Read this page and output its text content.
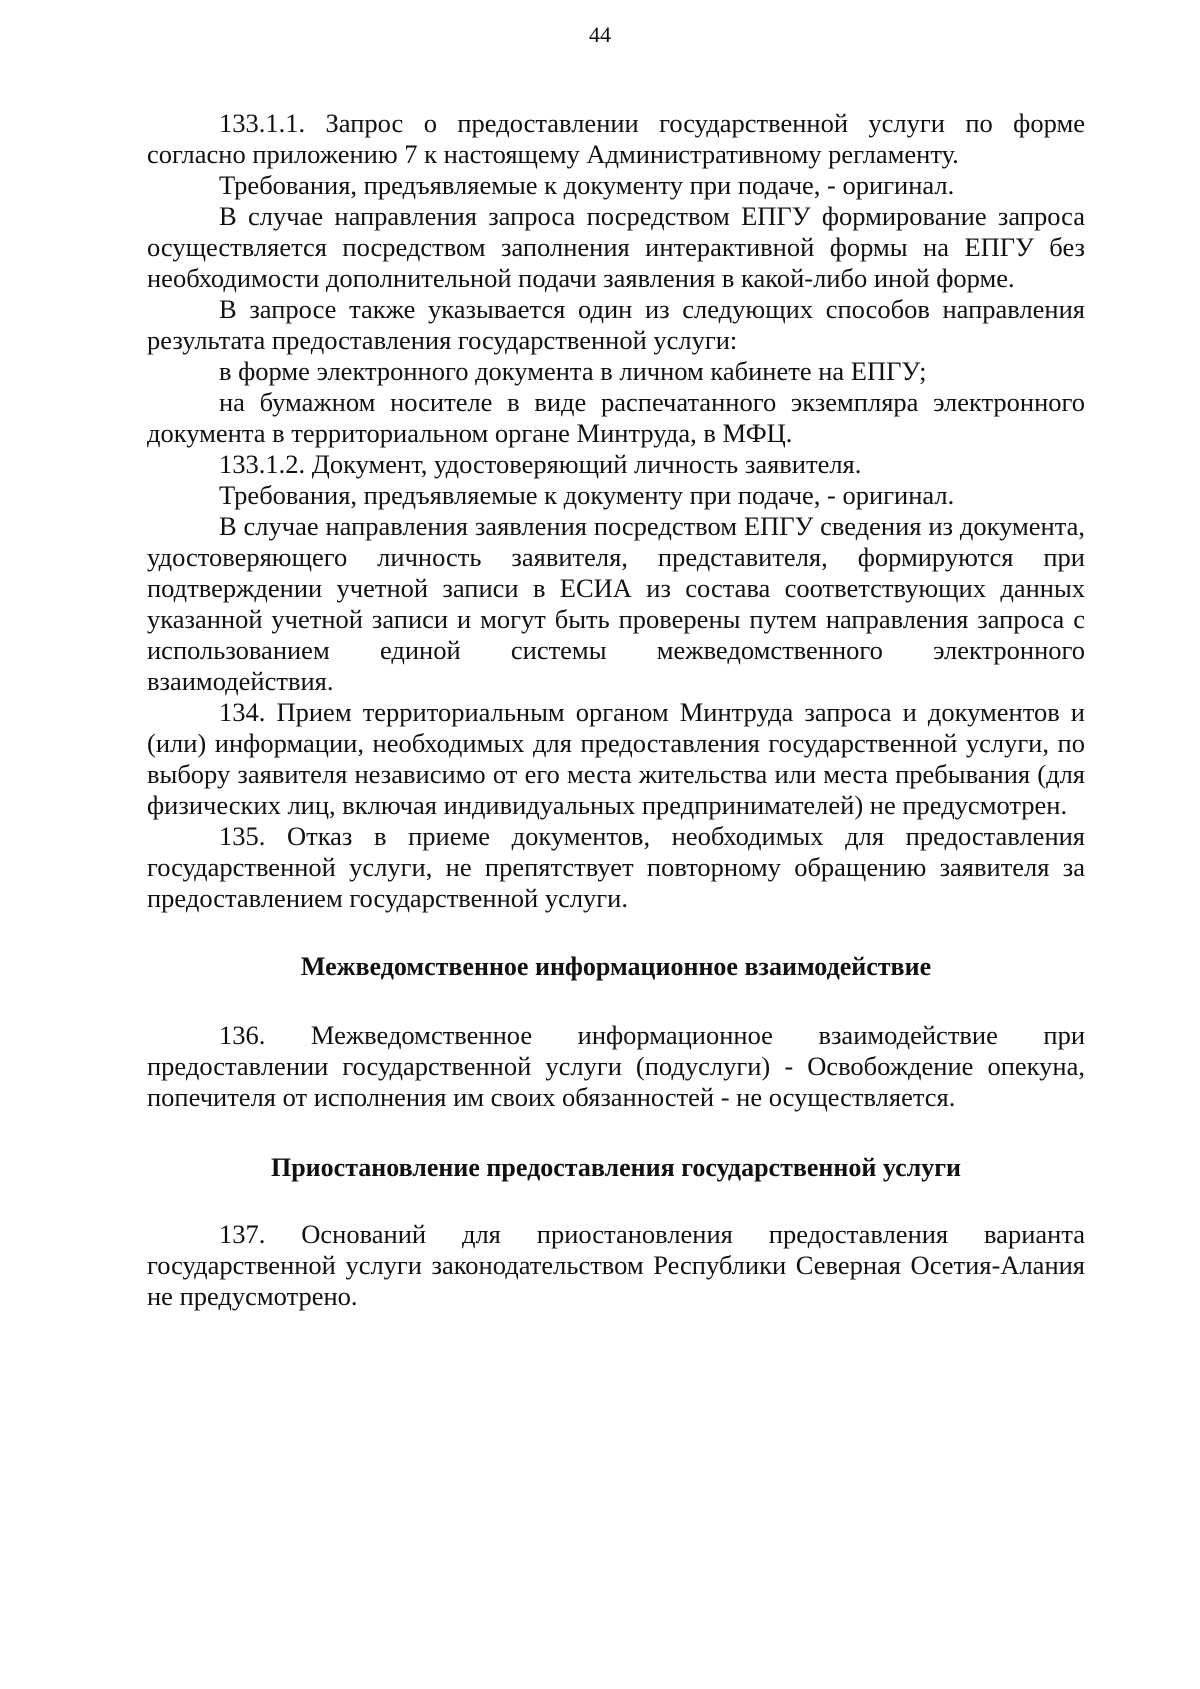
44

133.1.1. Запрос о предоставлении государственной услуги по форме согласно приложению 7 к настоящему Административному регламенту.

Требования, предъявляемые к документу при подаче, - оригинал.

В случае направления запроса посредством ЕПГУ формирование запроса осуществляется посредством заполнения интерактивной формы на ЕПГУ без необходимости дополнительной подачи заявления в какой-либо иной форме.

В запросе также указывается один из следующих способов направления результата предоставления государственной услуги:

в форме электронного документа в личном кабинете на ЕПГУ;

на бумажном носителе в виде распечатанного экземпляра электронного документа в территориальном органе Минтруда, в МФЦ.

133.1.2. Документ, удостоверяющий личность заявителя.

Требования, предъявляемые к документу при подаче, - оригинал.

В случае направления заявления посредством ЕПГУ сведения из документа, удостоверяющего личность заявителя, представителя, формируются при подтверждении учетной записи в ЕСИА из состава соответствующих данных указанной учетной записи и могут быть проверены путем направления запроса с использованием единой системы межведомственного электронного взаимодействия.

134. Прием территориальным органом Минтруда запроса и документов и (или) информации, необходимых для предоставления государственной услуги, по выбору заявителя независимо от его места жительства или места пребывания (для физических лиц, включая индивидуальных предпринимателей) не предусмотрен.

135. Отказ в приеме документов, необходимых для предоставления государственной услуги, не препятствует повторному обращению заявителя за предоставлением государственной услуги.

Межведомственное информационное взаимодействие

136. Межведомственное информационное взаимодействие при предоставлении государственной услуги (подуслуги) - Освобождение опекуна, попечителя от исполнения им своих обязанностей - не осуществляется.

Приостановление предоставления государственной услуги

137. Оснований для приостановления предоставления варианта государственной услуги законодательством Республики Северная Осетия-Алания не предусмотрено.
